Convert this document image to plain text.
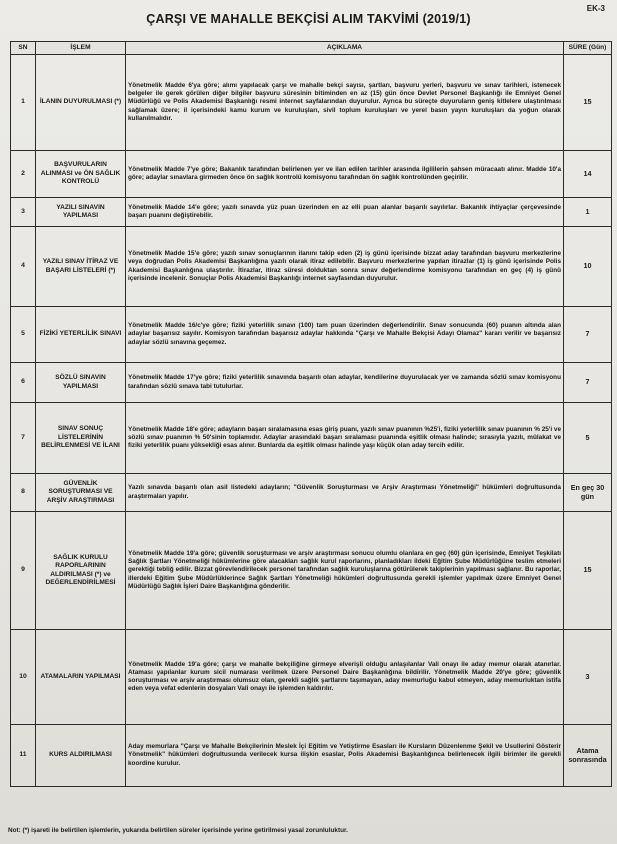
EK-3
ÇARŞI VE MAHALLE BEKÇİSİ ALIM TAKVİMİ (2019/1)
SN	İŞLEM	AÇIKLAMA	SÜRE (Gün)
1	İLANIN DUYURULMASI (*)	Yönetmelik Madde 6'ya göre; alımı yapılacak çarşı ve mahalle bekçi sayısı, şartları, başvuru yerleri, başvuru ve sınav tarihleri, istenecek belgeler ile gerek görülen diğer bilgiler başvuru süresinin bitiminden en az (15) gün önce Devlet Personel Başkanlığı ile Emniyet Genel Müdürlüğü ve Polis Akademisi Başkanlığı resmi internet sayfalarından duyurulur. Ayrıca bu süreçte duyuruların geniş kitlelere ulaştırılması sağlamak üzere; il içerisindeki kamu kurum ve kuruluşları, sivil toplum kuruluşları ve yerel basın yayın kuruluşları da yoğun olarak kullanılmalıdır.	15
2	BAŞVURULARIN ALINMASI ve ÖN SAĞLIK KONTROLÜ	Yönetmelik Madde 7'ye göre; Bakanlık tarafından belirlenen yer ve ilan edilen tarihler arasında ilgililerin şahsen müracaatı alınır. Madde 10'a göre; adaylar sınavlara girmeden önce ön sağlık kontrolü komisyonu tarafından ön sağlık kontrolünden geçirilir.	14
3	YAZILI SINAVIN YAPILMASI	Yönetmelik Madde 14'e göre; yazılı sınavda yüz puan üzerinden en az elli puan alanlar başarılı sayılırlar. Bakanlık ihtiyaçlar çerçevesinde başarı puanını değiştirebilir.	1
4	YAZILI SINAV İTİRAZ VE BAŞARI LİSTELERİ (*)	Yönetmelik Madde 15'e göre; yazılı sınav sonuçlarının ilanını takip eden (2) iş günü içerisinde bizzat aday tarafından başvuru merkezlerine veya doğrudan Polis Akademisi Başkanlığına yazılı olarak itiraz edilebilir. Başvuru merkezlerine yapılan itirazlar (1) iş günü içerisinde Polis Akademisi Başkanlığına ulaştırılır. İtirazlar, itiraz süresi dolduktan sonra sınav değerlendirme komisyonu tarafından en geç (4) iş günü içerisinde incelenir. Sonuçlar Polis Akademisi Başkanlığı internet sayfasından duyurulur.	10
5	FİZİKİ YETERLİLİK SINAVI	Yönetmelik Madde 16/c'ye göre; fiziki yeterlilik sınavı (100) tam puan üzerinden değerlendirilir. Sınav sonucunda (60) puanın altında alan adaylar başarısız sayılır. Komisyon tarafından başarısız adaylar hakkında "Çarşı ve Mahalle Bekçisi Adayı Olamaz" kararı verilir ve başarısız adaylar sözlü sınavına geçemez.	7
6	SÖZLÜ SINAVIN YAPILMASI	Yönetmelik Madde 17'ye göre; fiziki yeterlilik sınavında başarılı olan adaylar, kendilerine duyurulacak yer ve zamanda sözlü sınav komisyonu tarafından sözlü sınava tabi tutulurlar.	7
7	SINAV SONUÇ LİSTELERİNİN BELİRLENMESİ VE İLANI	Yönetmelik Madde 18'e göre; adayların başarı sıralamasına esas giriş puanı, yazılı sınav puanının %25'i, fiziki yeterlilik sınav puanının % 25'i ve sözlü sınav puanının % 50'sinin toplamıdır. Adaylar arasındaki başarı sıralaması puanında eşitlik olması halinde; sırasıyla yazılı, mülakat ve fiziki yeterlilik puanı yüksekliği esas alınır. Bunlarda da eşitlik olması halinde yaşı küçük olan aday tercih edilir.	5
8	GÜVENLİK SORUŞTURMASI VE ARŞİV ARAŞTIRMASI	Yazılı sınavda başarılı olan asil listedeki adayların; "Güvenlik Soruşturması ve Arşiv Araştırması Yönetmeliği" hükümleri doğrultusunda araştırmaları yapılır.	En geç 30 gün
9	SAĞLIK KURULU RAPORLARININ ALDIRILMASI (*) ve DEĞERLENDİRİLMESİ	Yönetmelik Madde 19'a göre; güvenlik soruşturması ve arşiv araştırması sonucu olumlu olanlara en geç (60) gün içerisinde, Emniyet Teşkilatı Sağlık Şartları Yönetmeliği hükümlerine göre alacakları sağlık kurul raporlarını, planladıkları ildeki Eğitim Şube Müdürlüğüne teslim etmeleri gerektiği tebliğ edilir. Bizzat görevlendirilecek personel tarafından sağlık kuruluşlarına götürülerek takiplerinin yapılması sağlanır. Bu raporlar, illerdeki Eğitim Şube Müdürlüklerince Sağlık Şartları Yönetmeliği hükümleri doğrultusunda gerekli işlemler yapılmak üzere Emniyet Genel Müdürlüğü Sağlık İşleri Daire Başkanlığına gönderilir.	15
10	ATAMALARIN YAPILMASI	Yönetmelik Madde 19'a göre; çarşı ve mahalle bekçiliğine girmeye elverişli olduğu anlaşılanlar Vali onayı ile aday memur olarak atanırlar. Ataması yapılanlar kurum sicil numarası verilmek üzere Personel Daire Başkanlığına bildirilir. Yönetmelik Madde 20'ye göre; güvenlik soruşturması ve arşiv araştırması olumsuz olan, gerekli sağlık şartlarını taşımayan, aday memurluğu kabul etmeyen, aday memurluktan istifa eden veya vefat edenlerin dosyaları Vali onayı ile işlemden kaldırılır.	3
11	KURS ALDIRILMASI	Aday memurlara "Çarşı ve Mahalle Bekçilerinin Meslek İçi Eğitim ve Yetiştirme Esasları ile Kursların Düzenlenme Şekil ve Usullerini Gösterir Yönetmelik" hükümleri doğrultusunda verilecek kursa ilişkin esaslar, Polis Akademisi Başkanlığınca belirlenecek ilgili birimler ile gerekli koordine kurulur.	Atama sonrasında
Not: (*) işareti ile belirtilen işlemlerin, yukarıda belirtilen süreler içerisinde yerine getirilmesi yasal zorunluluktur.
